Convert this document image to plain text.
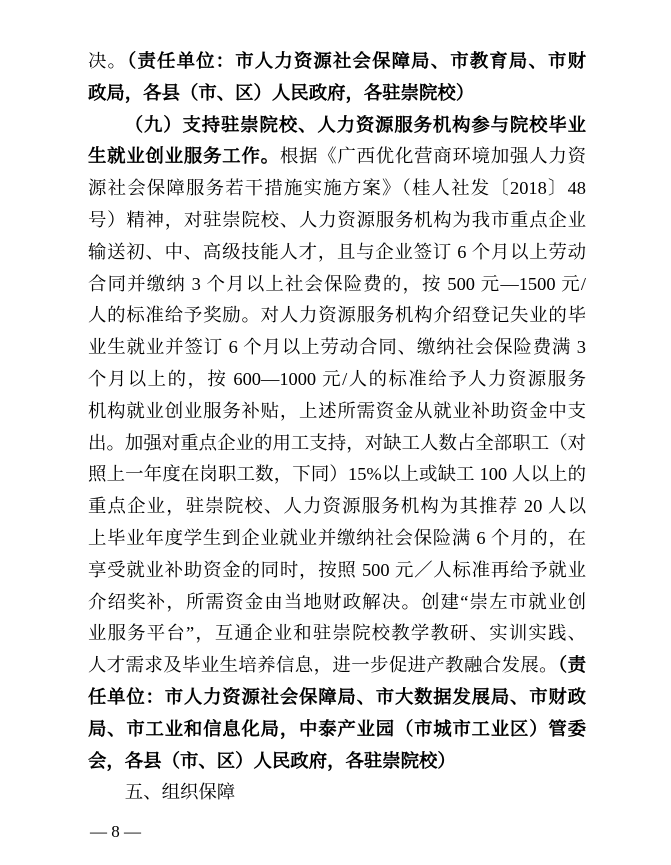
决。（责任单位：市人力资源社会保障局、市教育局、市财
政局，各县（市、区）人民政府，各驻崇院校）
（九）支持驻崇院校、人力资源服务机构参与院校毕业
生就业创业服务工作。根据《广西优化营商环境加强人力资
源社会保障服务若干措施实施方案》（桂人社发〔2018〕48
号）精神，对驻崇院校、人力资源服务机构为我市重点企业
输送初、中、高级技能人才，且与企业签订 6 个月以上劳动
合同并缴纳 3 个月以上社会保险费的，按 500 元—1500 元/
人的标准给予奖励。对人力资源服务机构介绍登记失业的毕
业生就业并签订 6 个月以上劳动合同、缴纳社会保险费满 3
个月以上的，按 600—1000 元/人的标准给予人力资源服务
机构就业创业服务补贴，上述所需资金从就业补助资金中支
出。加强对重点企业的用工支持，对缺工人数占全部职工（对
照上一年度在岗职工数，下同）15%以上或缺工 100 人以上的
重点企业，驻崇院校、人力资源服务机构为其推荐 20 人以
上毕业年度学生到企业就业并缴纳社会保险满 6 个月的，在
享受就业补助资金的同时，按照 500 元／人标准再给予就业
介绍奖补，所需资金由当地财政解决。创建“崇左市就业创
业服务平台”，互通企业和驻崇院校教学教研、实训实践、
人才需求及毕业生培养信息，进一步促进产教融合发展。（责
任单位：市人力资源社会保障局、市大数据发展局、市财政
局、市工业和信息化局，中泰产业园（市城市工业区）管委
会，各县（市、区）人民政府，各驻崇院校）
五、组织保障
— 8 —
